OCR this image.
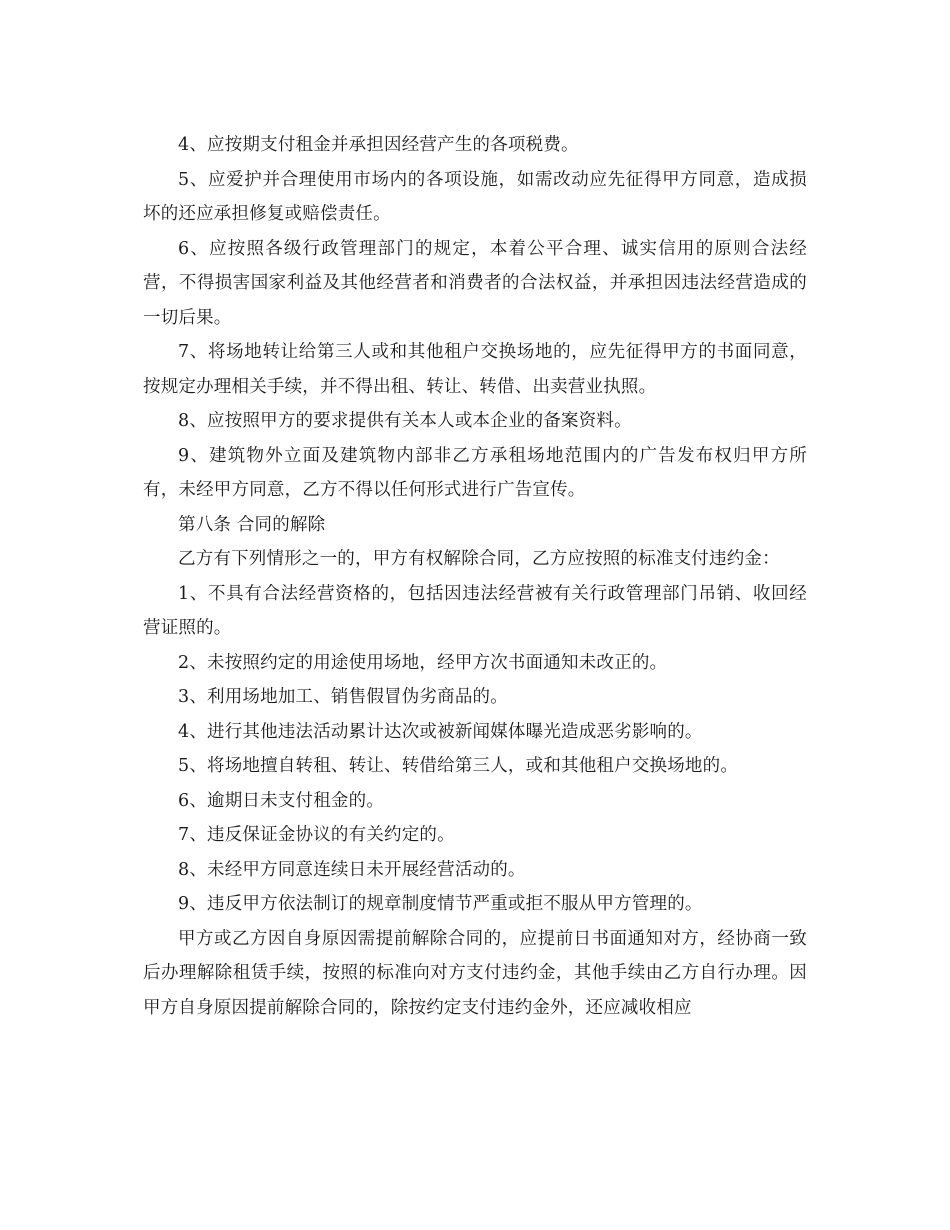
4、应按期支付租金并承担因经营产生的各项税费。

5、应爱护并合理使用市场内的各项设施，如需改动应先征得甲方同意，造成损坏的还应承担修复或赔偿责任。

6、应按照各级行政管理部门的规定，本着公平合理、诚实信用的原则合法经营，不得损害国家利益及其他经营者和消费者的合法权益，并承担因违法经营造成的一切后果。

7、将场地转让给第三人或和其他租户交换场地的，应先征得甲方的书面同意，按规定办理相关手续，并不得出租、转让、转借、出卖营业执照。

8、应按照甲方的要求提供有关本人或本企业的备案资料。

9、建筑物外立面及建筑物内部非乙方承租场地范围内的广告发布权归甲方所有，未经甲方同意，乙方不得以任何形式进行广告宣传。

第八条 合同的解除

乙方有下列情形之一的，甲方有权解除合同，乙方应按照的标准支付违约金：

1、不具有合法经营资格的，包括因违法经营被有关行政管理部门吊销、收回经营证照的。

2、未按照约定的用途使用场地，经甲方次书面通知未改正的。

3、利用场地加工、销售假冒伪劣商品的。

4、进行其他违法活动累计达次或被新闻媒体曝光造成恶劣影响的。

5、将场地擅自转租、转让、转借给第三人，或和其他租户交换场地的。

6、逾期日未支付租金的。

7、违反保证金协议的有关约定的。

8、未经甲方同意连续日未开展经营活动的。

9、违反甲方依法制订的规章制度情节严重或拒不服从甲方管理的。

甲方或乙方因自身原因需提前解除合同的，应提前日书面通知对方，经协商一致后办理解除租赁手续，按照的标准向对方支付违约金，其他手续由乙方自行办理。因甲方自身原因提前解除合同的，除按约定支付违约金外，还应减收相应
